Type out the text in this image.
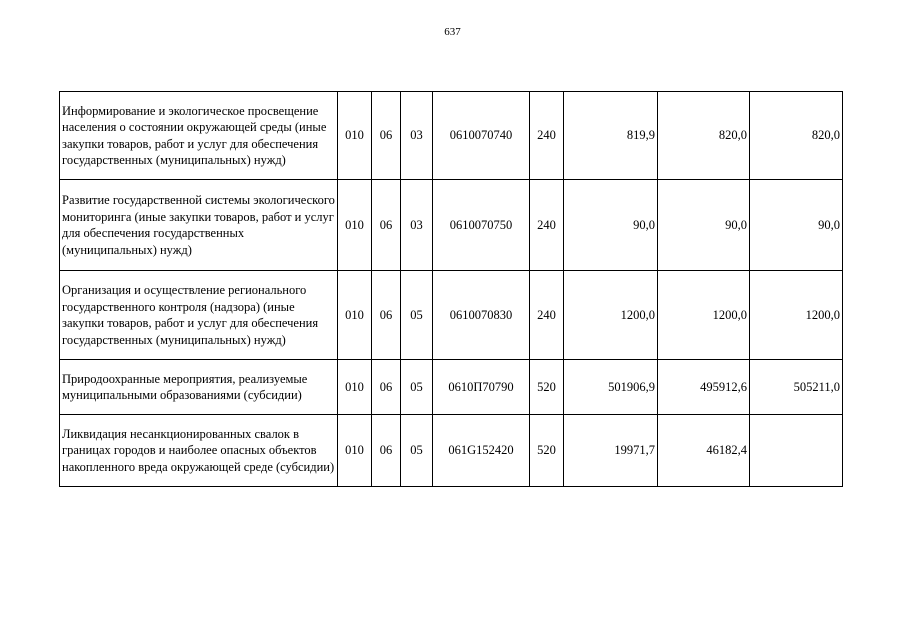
637
Информирование и экологическое просвещение населения о состоянии окружающей среды (иные закупки товаров, работ и услуг для обеспечения государственных (муниципальных) нужд)	010	06	03	0610070740	240	819,9	820,0	820,0
Развитие государственной системы экологического мониторинга (иные закупки товаров, работ и услуг для обеспечения государственных (муниципальных) нужд)	010	06	03	0610070750	240	90,0	90,0	90,0
Организация и осуществление регионального государственного контроля (надзора) (иные закупки товаров, работ и услуг для обеспечения государственных (муниципальных) нужд)	010	06	05	0610070830	240	1200,0	1200,0	1200,0
Природоохранные мероприятия, реализуемые муниципальными образованиями (субсидии)	010	06	05	0610П70790	520	501906,9	495912,6	505211,0
Ликвидация несанкционированных свалок в границах городов и наиболее опасных объектов накопленного вреда окружающей среде (субсидии)	010	06	05	061G152420	520	19971,7	46182,4	
